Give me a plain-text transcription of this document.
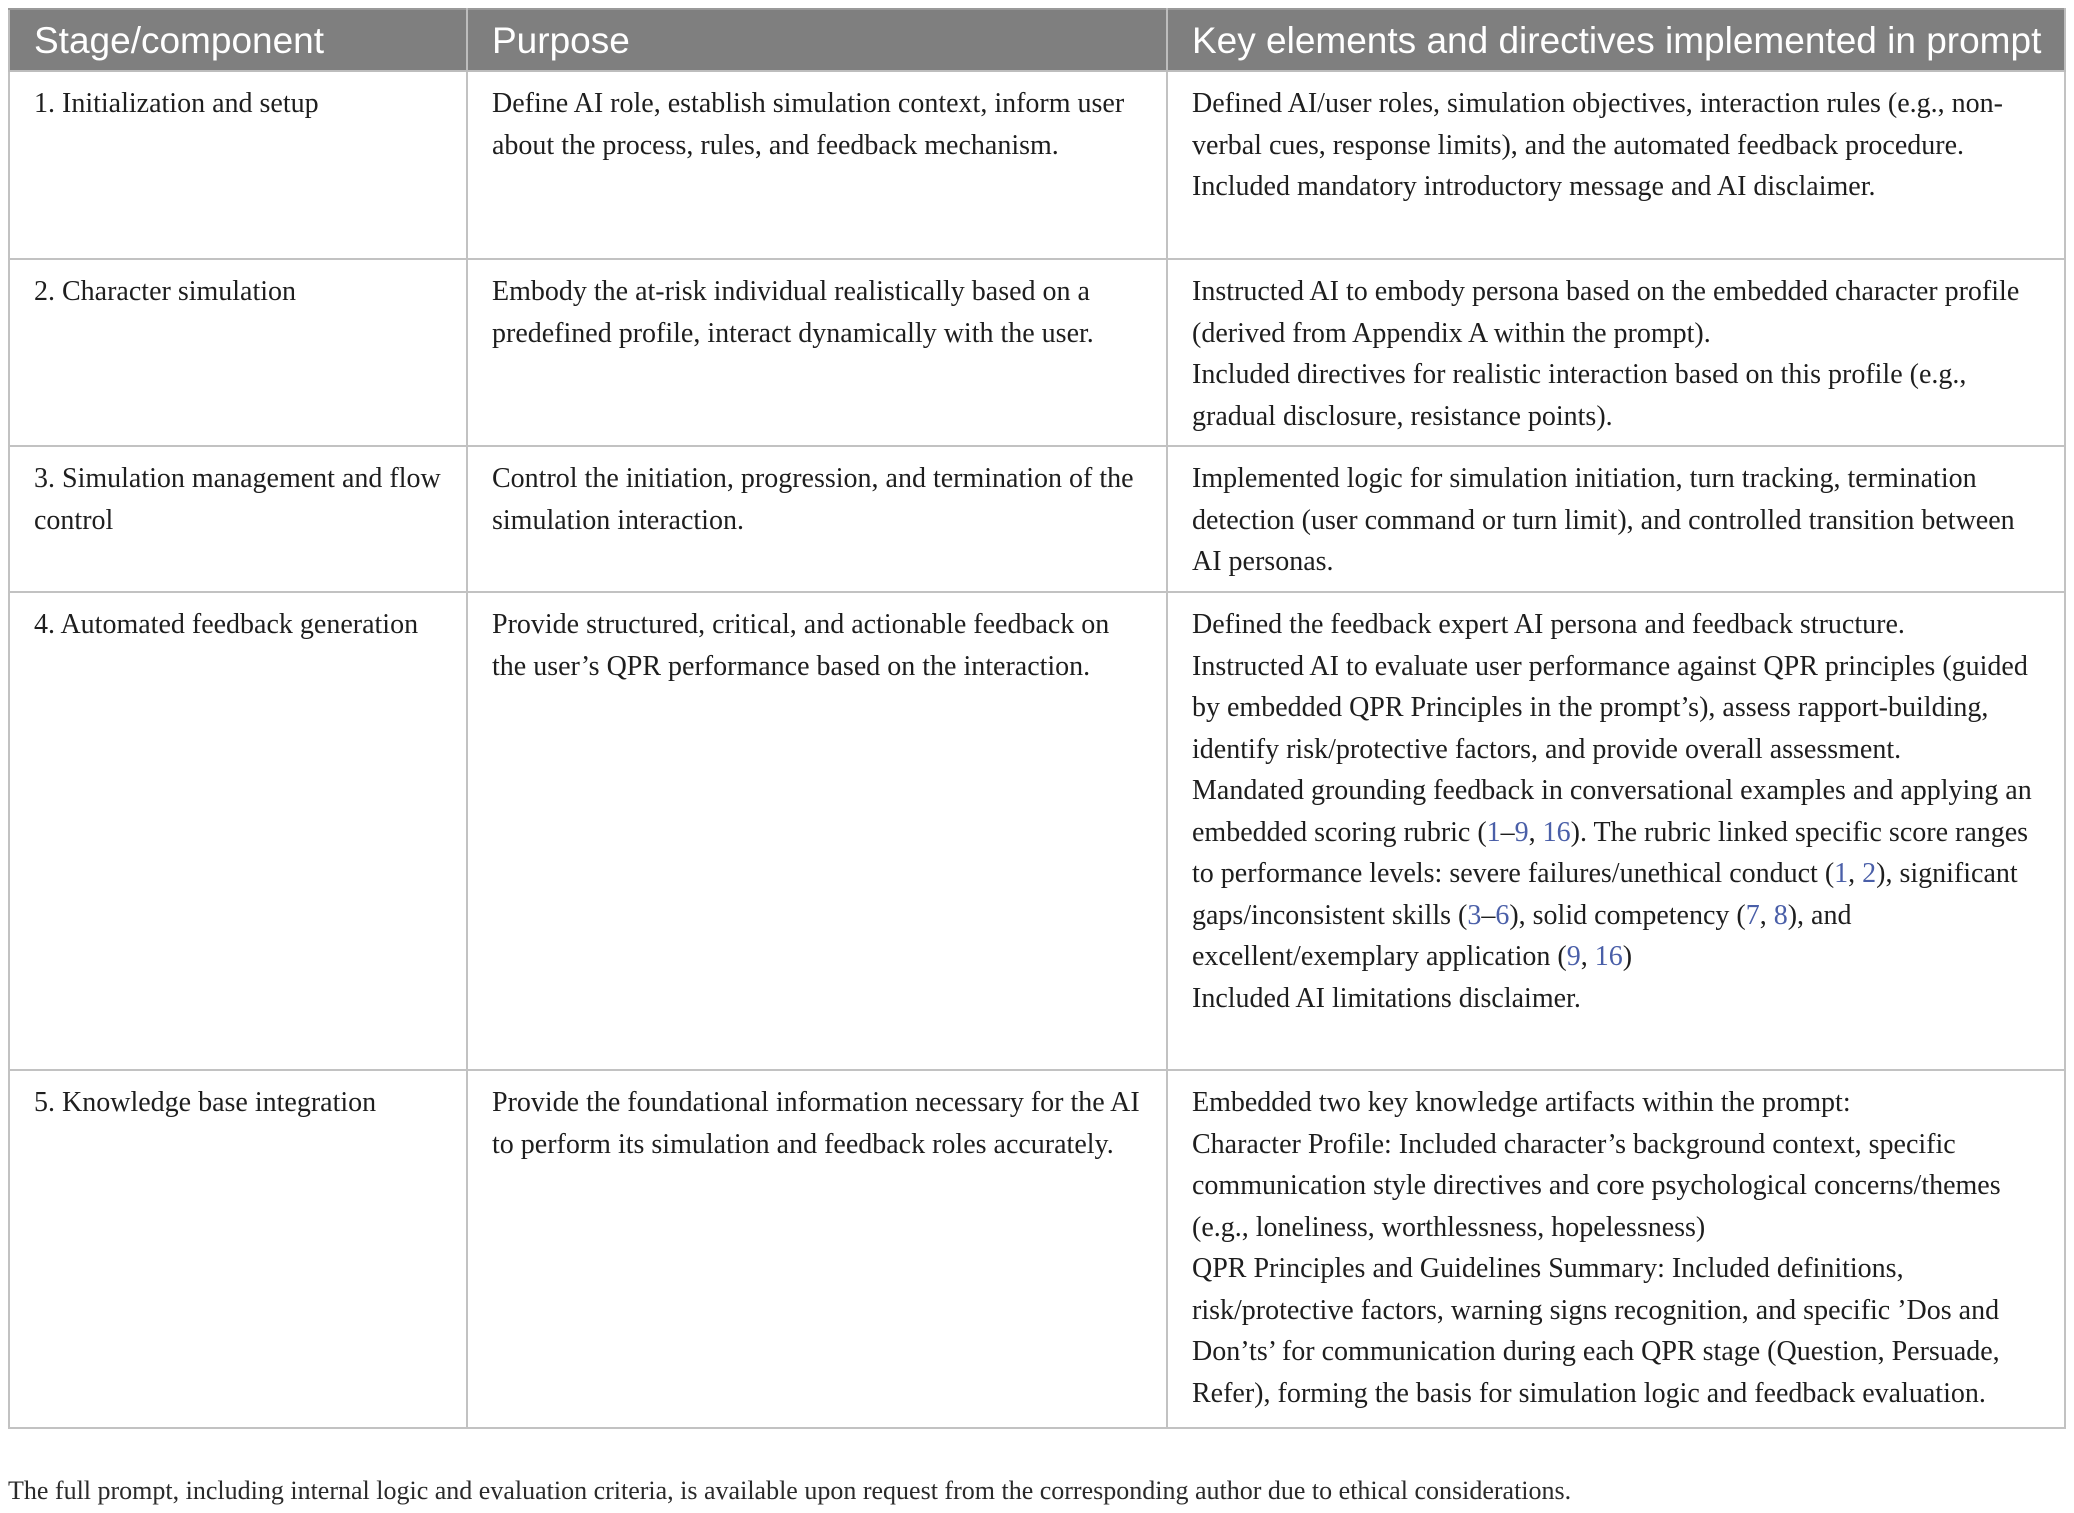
Stage/component	Purpose	Key elements and directives implemented in prompt
1. Initialization and setup	Define AI role, establish simulation context, inform user about the process, rules, and feedback mechanism.	Defined AI/user roles, simulation objectives, interaction rules (e.g., non-verbal cues, response limits), and the automated feedback procedure.
Included mandatory introductory message and AI disclaimer.

2. Character simulation	Embody the at-risk individual realistically based on a predefined profile, interact dynamically with the user.	Instructed AI to embody persona based on the embedded character profile (derived from Appendix A within the prompt).
Included directives for realistic interaction based on this profile (e.g., gradual disclosure, resistance points).

3. Simulation management and flow control	Control the initiation, progression, and termination of the simulation interaction.	Implemented logic for simulation initiation, turn tracking, termination detection (user command or turn limit), and controlled transition between AI personas.

4. Automated feedback generation	Provide structured, critical, and actionable feedback on the user’s QPR performance based on the interaction.	Defined the feedback expert AI persona and feedback structure.
Instructed AI to evaluate user performance against QPR principles (guided by embedded QPR Principles in the prompt’s), assess rapport-building, identify risk/protective factors, and provide overall assessment.
Mandated grounding feedback in conversational examples and applying an embedded scoring rubric (1–9, 16). The rubric linked specific score ranges to performance levels: severe failures/unethical conduct (1, 2), significant gaps/inconsistent skills (3–6), solid competency (7, 8), and excellent/exemplary application (9, 16)
Included AI limitations disclaimer.

5. Knowledge base integration	Provide the foundational information necessary for the AI to perform its simulation and feedback roles accurately.	Embedded two key knowledge artifacts within the prompt:
Character Profile: Included character’s background context, specific communication style directives and core psychological concerns/themes (e.g., loneliness, worthlessness, hopelessness)
QPR Principles and Guidelines Summary: Included definitions, risk/protective factors, warning signs recognition, and specific ’Dos and Don’ts’ for communication during each QPR stage (Question, Persuade, Refer), forming the basis for simulation logic and feedback evaluation.
The full prompt, including internal logic and evaluation criteria, is available upon request from the corresponding author due to ethical considerations.
